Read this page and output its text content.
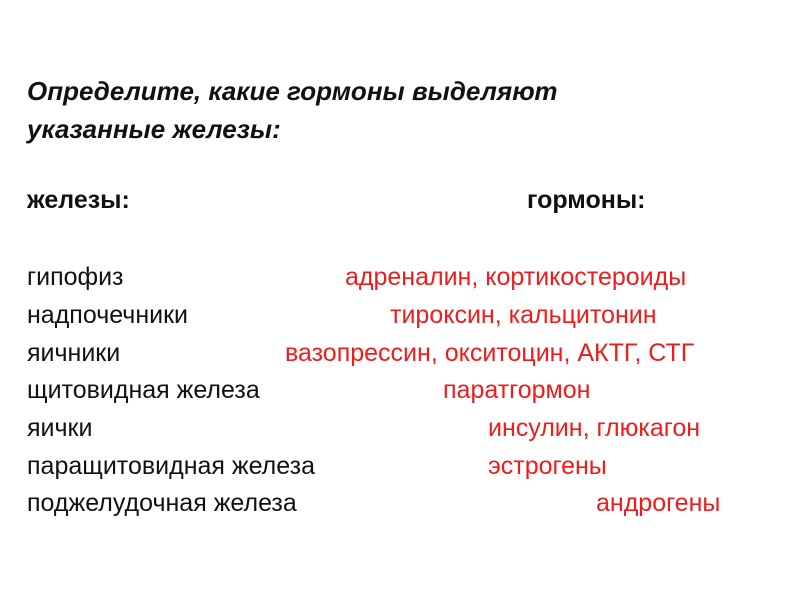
Определите, какие гормоны выделяют
указанные железы:
железы:	гормоны:
гипофиз
надпочечники
яичники
щитовидная железа
яички
паращитовидная железа
поджелудочная железа
адреналин, кортикостероиды
тироксин, кальцитонин
вазопрессин, окситоцин, АКТГ, СТГ
паратгормон
инсулин, глюкагон
эстрогены
андрогены
